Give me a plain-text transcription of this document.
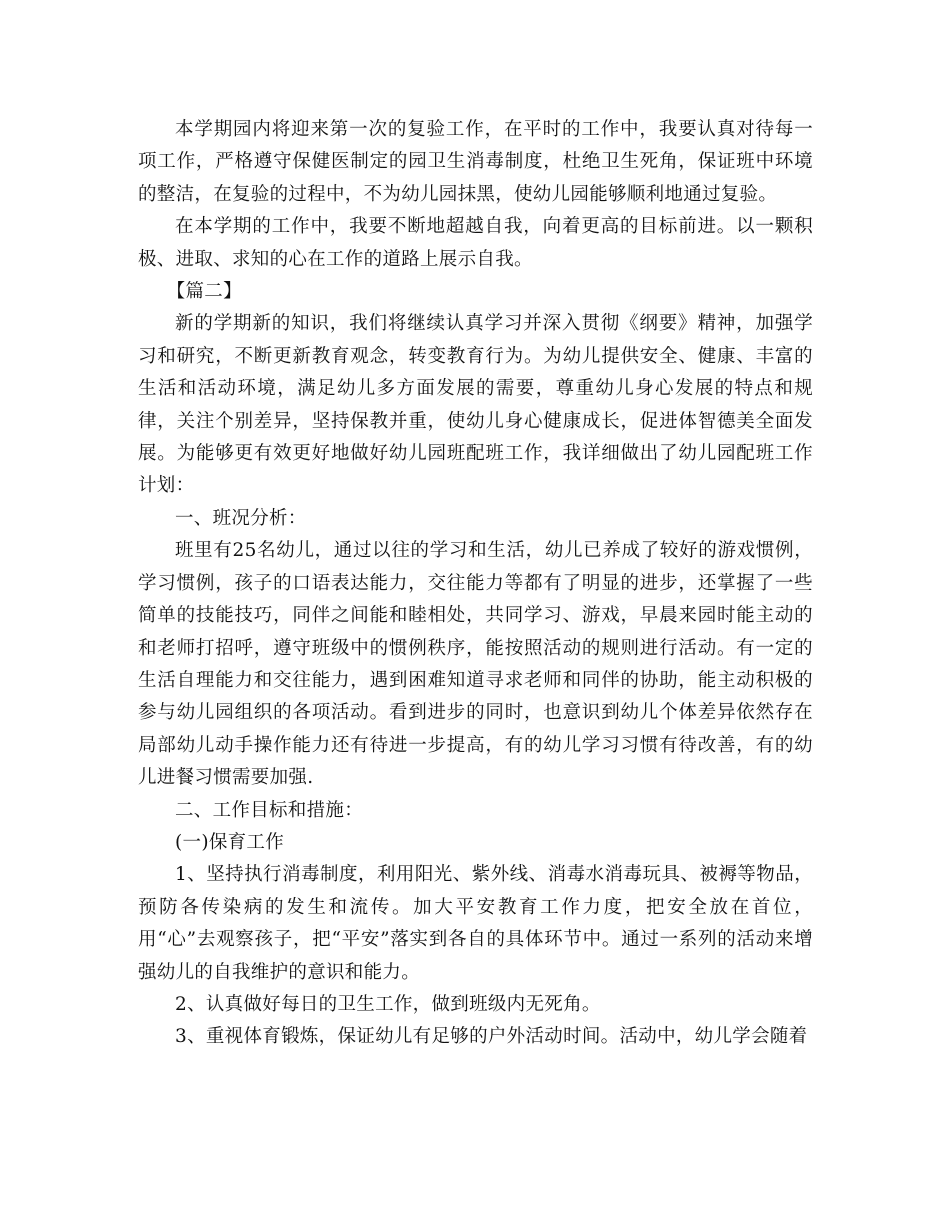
本学期园内将迎来第一次的复验工作，在平时的工作中，我要认真对待每一项工作，严格遵守保健医制定的园卫生消毒制度，杜绝卫生死角，保证班中环境的整洁，在复验的过程中，不为幼儿园抹黑，使幼儿园能够顺利地通过复验。

在本学期的工作中，我要不断地超越自我，向着更高的目标前进。以一颗积极、进取、求知的心在工作的道路上展示自我。

【篇二】

新的学期新的知识，我们将继续认真学习并深入贯彻《纲要》精神，加强学习和研究，不断更新教育观念，转变教育行为。为幼儿提供安全、健康、丰富的生活和活动环境，满足幼儿多方面发展的需要，尊重幼儿身心发展的特点和规律，关注个别差异，坚持保教并重，使幼儿身心健康成长，促进体智德美全面发展。为能够更有效更好地做好幼儿园班配班工作，我详细做出了幼儿园配班工作计划：

一、班况分析：

班里有25名幼儿，通过以往的学习和生活，幼儿已养成了较好的游戏惯例，学习惯例，孩子的口语表达能力，交往能力等都有了明显的进步，还掌握了一些简单的技能技巧，同伴之间能和睦相处，共同学习、游戏，早晨来园时能主动的和老师打招呼，遵守班级中的惯例秩序，能按照活动的规则进行活动。有一定的生活自理能力和交往能力，遇到困难知道寻求老师和同伴的协助，能主动积极的参与幼儿园组织的各项活动。看到进步的同时，也意识到幼儿个体差异依然存在局部幼儿动手操作能力还有待进一步提高，有的幼儿学习习惯有待改善，有的幼儿进餐习惯需要加强.

二、工作目标和措施：

(一)保育工作

1、坚持执行消毒制度，利用阳光、紫外线、消毒水消毒玩具、被褥等物品，预防各传染病的发生和流传。加大平安教育工作力度，把安全放在首位，用“心”去观察孩子，把“平安”落实到各自的具体环节中。通过一系列的活动来增强幼儿的自我维护的意识和能力。

2、认真做好每日的卫生工作，做到班级内无死角。

3、重视体育锻炼，保证幼儿有足够的户外活动时间。活动中，幼儿学会随着
